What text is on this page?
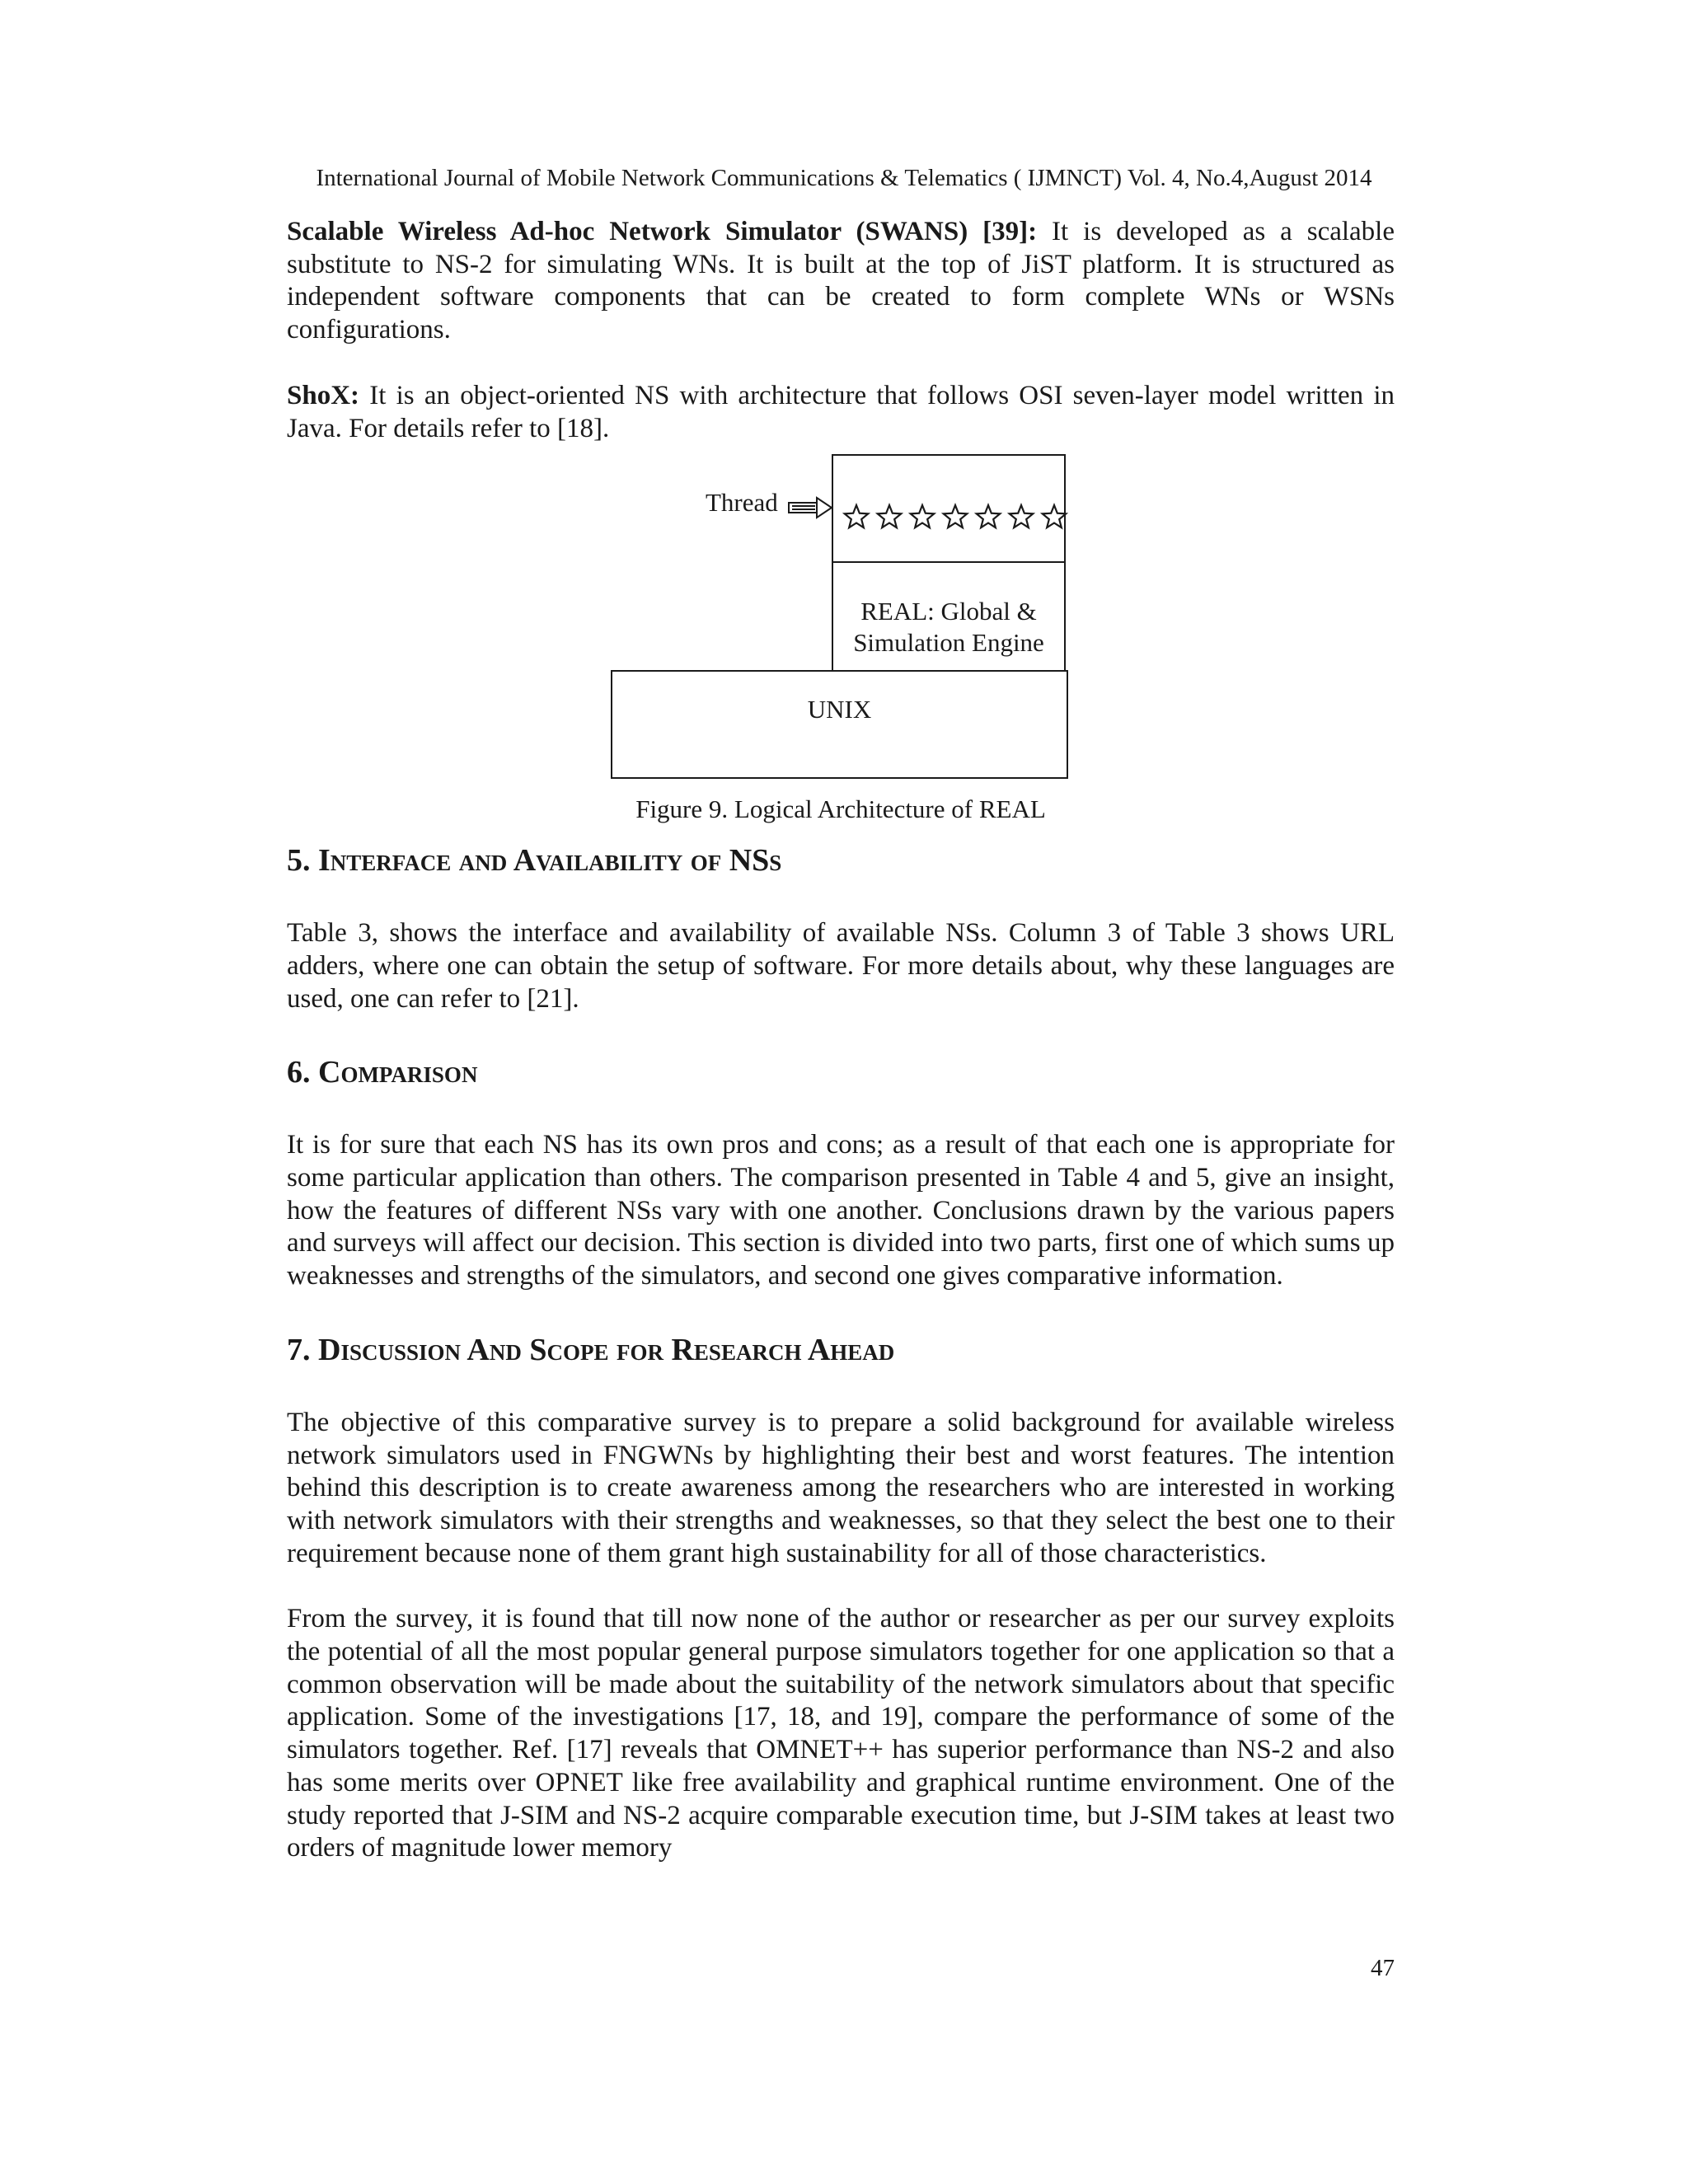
International Journal of Mobile Network Communications & Telematics ( IJMNCT) Vol. 4, No.4,August 2014

Scalable Wireless Ad-hoc Network Simulator (SWANS) [39]: It is developed as a scalable substitute to NS-2 for simulating WNs. It is built at the top of JiST platform. It is structured as independent software components that can be created to form complete WNs or WSNs configurations.

ShoX: It is an object-oriented NS with architecture that follows OSI seven-layer model written in Java. For details refer to [18].

Thread
REAL: Global &
Simulation Engine
UNIX
Figure 9. Logical Architecture of REAL
5. Interface and Availability of NSs

Table 3, shows the interface and availability of available NSs. Column 3 of Table 3 shows URL adders, where one can obtain the setup of software. For more details about, why these languages are used, one can refer to [21].

6. Comparison

It is for sure that each NS has its own pros and cons; as a result of that each one is appropriate for some particular application than others. The comparison presented in Table 4 and 5, give an insight, how the features of different NSs vary with one another. Conclusions drawn by the various papers and surveys will affect our decision. This section is divided into two parts, first one of which sums up weaknesses and strengths of the simulators, and second one gives comparative information.

7. Discussion And Scope for Research Ahead

The objective of this comparative survey is to prepare a solid background for available wireless network simulators used in FNGWNs by highlighting their best and worst features. The intention behind this description is to create awareness among the researchers who are interested in working with network simulators with their strengths and weaknesses, so that they select the best one to their requirement because none of them grant high sustainability for all of those characteristics.

From the survey, it is found that till now none of the author or researcher as per our survey exploits the potential of all the most popular general purpose simulators together for one application so that a common observation will be made about the suitability of the network simulators about that specific application. Some of the investigations [17, 18, and 19], compare the performance of some of the simulators together. Ref. [17] reveals that OMNET++ has superior performance than NS-2 and also has some merits over OPNET like free availability and graphical runtime environment. One of the study reported that J-SIM and NS-2 acquire comparable execution time, but J-SIM takes at least two orders of magnitude lower memory

47
